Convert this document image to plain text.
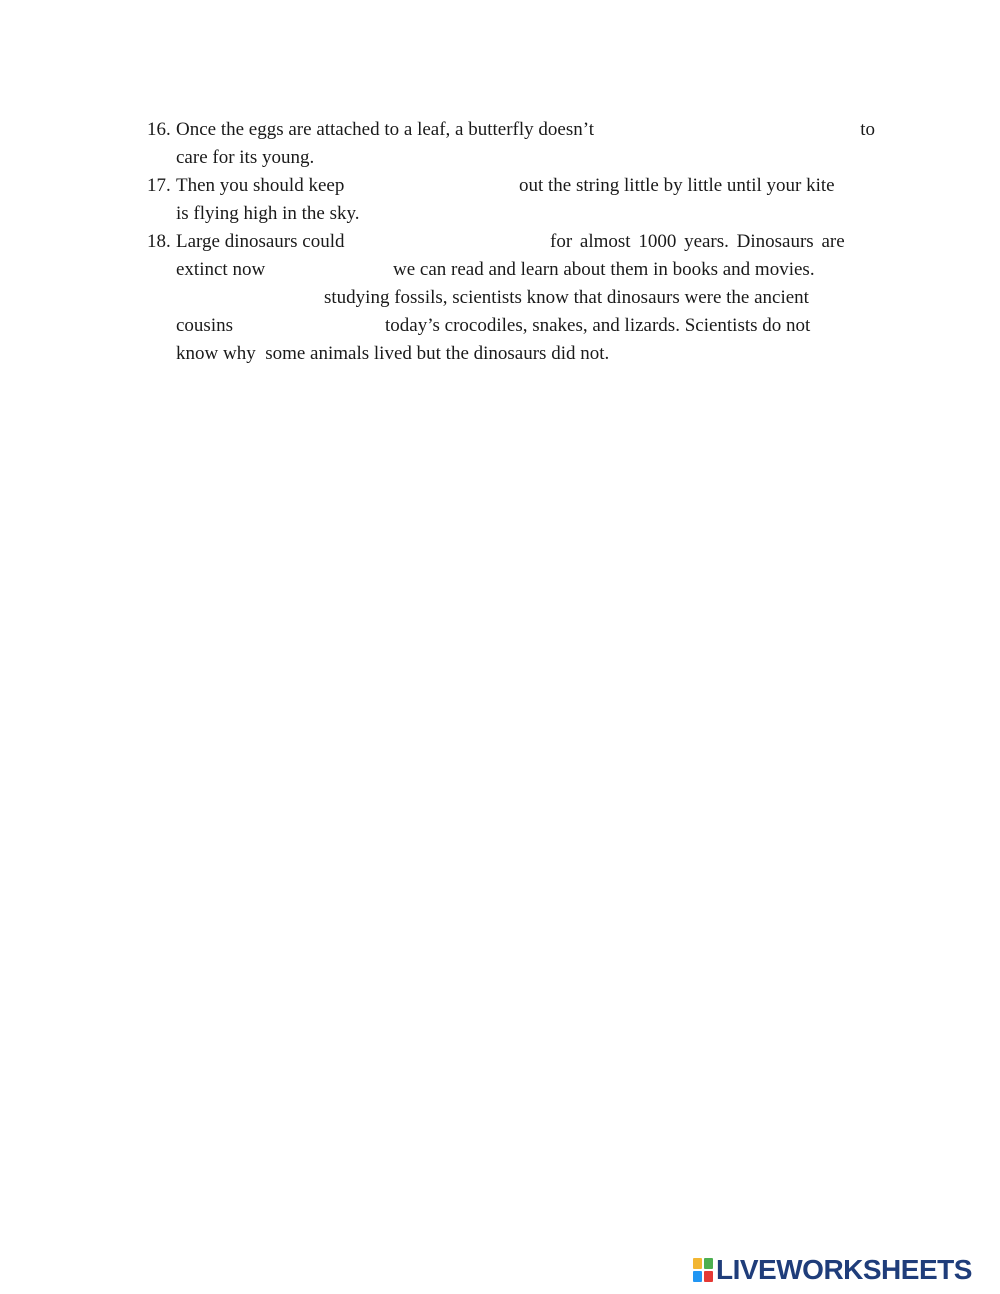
16. Once the eggs are attached to a leaf, a butterfly doesn’t	to
care for its young.
17. Then you should keep	out the string little by little until your kite
is flying high in the sky.
18. Large dinosaurs could	for almost 1000 years. Dinosaurs are
extinct now	we can read and learn about them in books and movies.
studying fossils, scientists know that dinosaurs were the ancient
cousins	today’s crocodiles, snakes, and lizards. Scientists do not
know why  some animals lived but the dinosaurs did not.
LIVEWORKSHEETS
